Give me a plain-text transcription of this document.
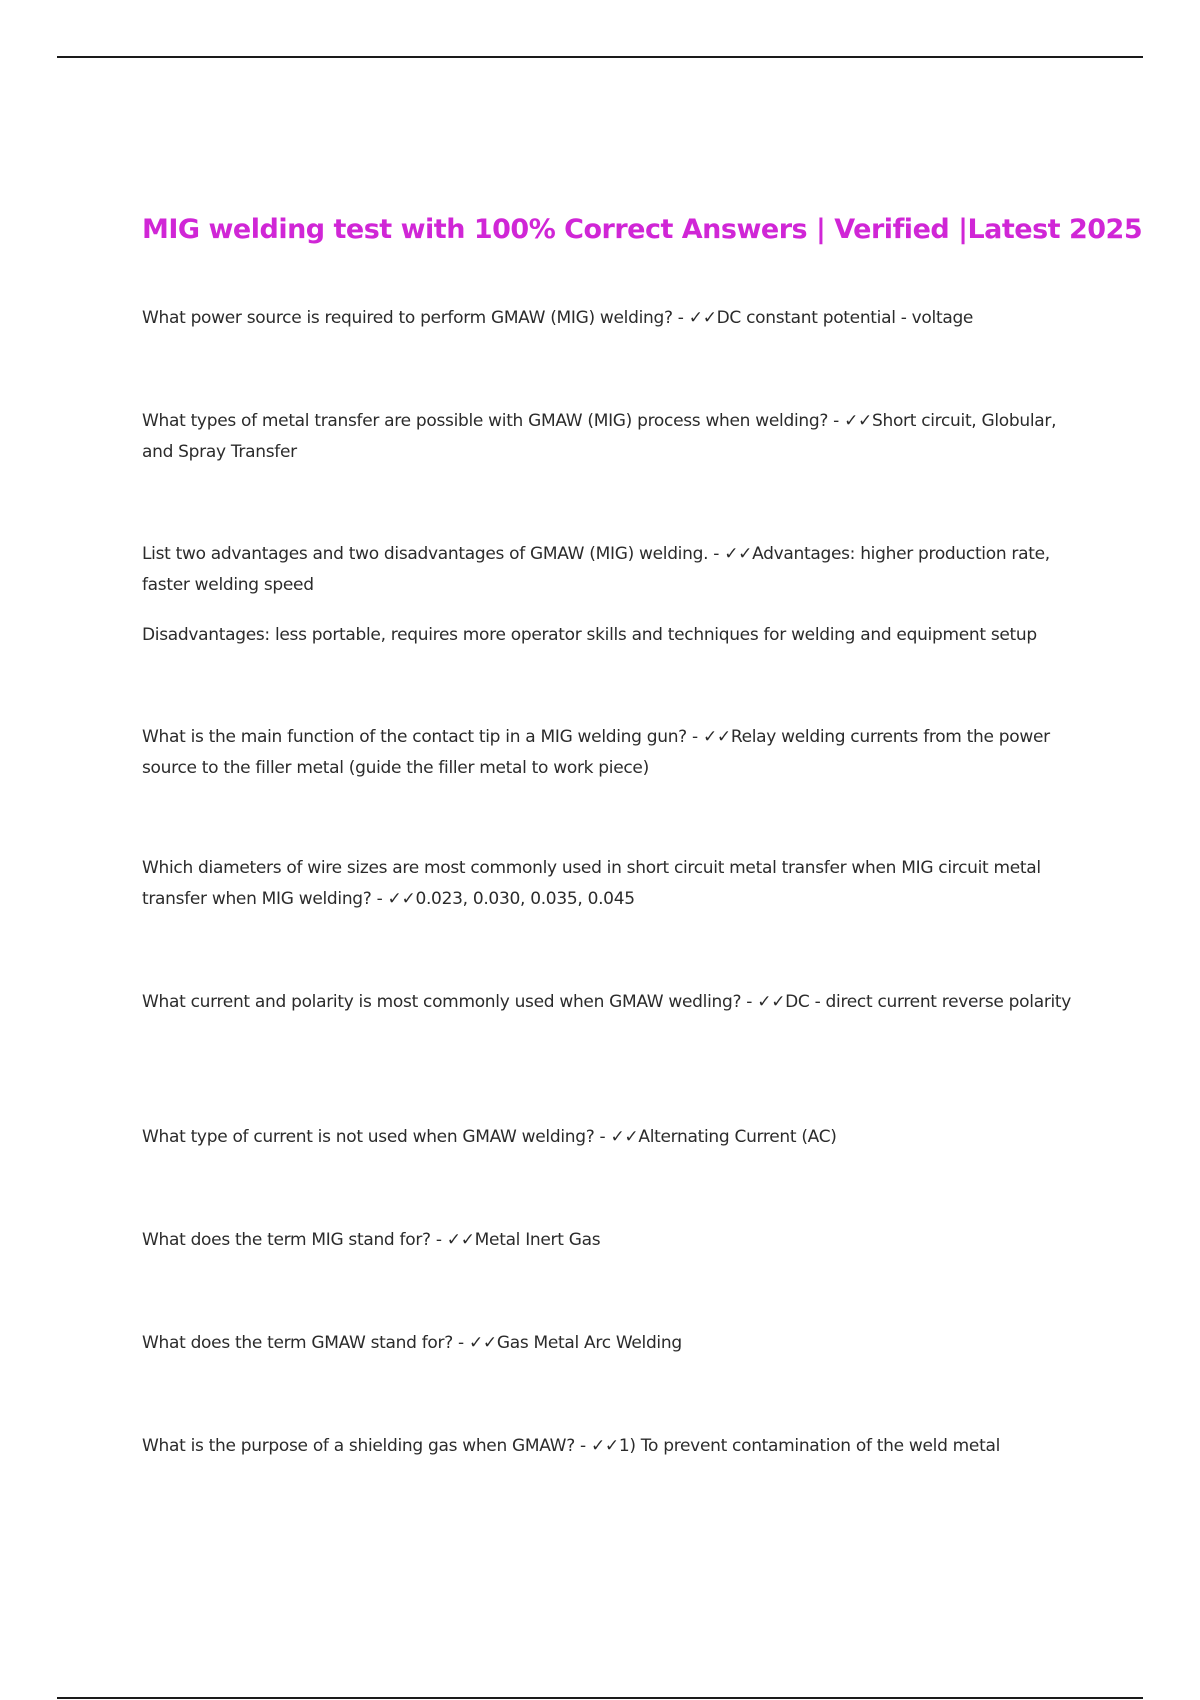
MIG welding test with 100% Correct Answers | Verified |Latest 2025

What power source is required to perform GMAW (MIG) welding? - ✓✓DC constant potential - voltage

What types of metal transfer are possible with GMAW (MIG) process when welding? - ✓✓Short circuit, Globular, and Spray Transfer

List two advantages and two disadvantages of GMAW (MIG) welding. - ✓✓Advantages: higher production rate, faster welding speed

Disadvantages: less portable, requires more operator skills and techniques for welding and equipment setup

What is the main function of the contact tip in a MIG welding gun? - ✓✓Relay welding currents from the power source to the filler metal (guide the filler metal to work piece)

Which diameters of wire sizes are most commonly used in short circuit metal transfer when MIG circuit metal transfer when MIG welding? - ✓✓0.023, 0.030, 0.035, 0.045

What current and polarity is most commonly used when GMAW wedling? - ✓✓DC - direct current reverse polarity

What type of current is not used when GMAW welding? - ✓✓Alternating Current (AC)

What does the term MIG stand for? - ✓✓Metal Inert Gas

What does the term GMAW stand for? - ✓✓Gas Metal Arc Welding

What is the purpose of a shielding gas when GMAW? - ✓✓1) To prevent contamination of the weld metal
